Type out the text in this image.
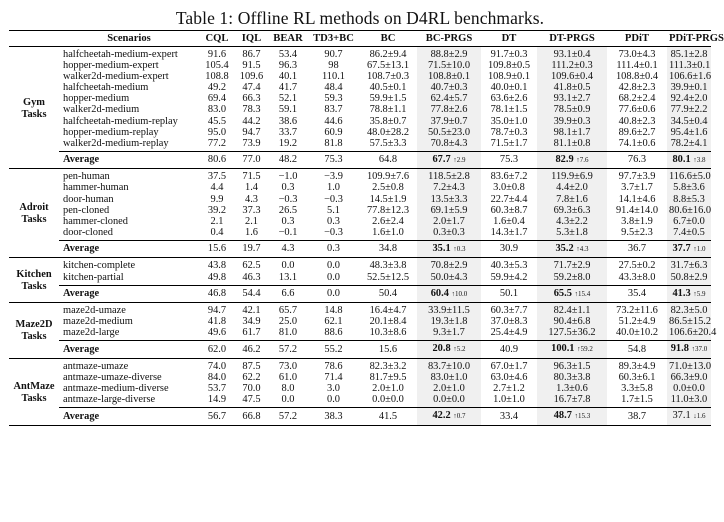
Table 1: Offline RL methods on D4RL benchmarks.
	Scenarios	CQL	IQL	BEAR	TD3+BC	BC	BC-PRGS	DT	DT-PRGS	PDiT	PDiT-PRGS
Gym
Tasks	halfcheetah-medium-expert	91.6	86.7	53.4	90.7	86.2±9.4	88.8±2.9	91.7±0.3	93.1±0.4	73.0±4.3	85.1±2.8
	hopper-medium-expert	105.4	91.5	96.3	98	67.5±13.1	71.5±10.0	109.8±0.5	111.2±0.3	111.4±0.1	111.3±0.1
	walker2d-medium-expert	108.8	109.6	40.1	110.1	108.7±0.3	108.8±0.1	108.9±0.1	109.6±0.4	108.8±0.4	106.6±1.6
	halfcheetah-medium	49.2	47.4	41.7	48.4	40.5±0.1	40.7±0.3	40.0±0.1	41.8±0.5	42.8±2.3	39.9±0.1
	hopper-medium	69.4	66.3	52.1	59.3	59.9±1.5	62.4±5.7	63.6±2.6	93.1±2.7	68.2±2.4	92.4±2.0
	walker2d-medium	83.0	78.3	59.1	83.7	78.8±1.1	77.8±2.6	78.1±1.5	78.5±0.9	77.6±0.6	77.9±2.2
	halfcheetah-medium-replay	45.5	44.2	38.6	44.6	35.8±0.7	37.9±0.7	35.0±1.0	39.9±0.3	40.8±2.3	34.5±0.4
	hopper-medium-replay	95.0	94.7	33.7	60.9	48.0±28.2	50.5±23.0	78.7±0.3	98.1±1.7	89.6±2.7	95.4±1.6
	walker2d-medium-replay	77.2	73.9	19.2	81.8	57.5±3.3	70.8±4.3	71.5±1.7	81.1±0.8	74.1±0.6	78.2±4.1
	Average	80.6	77.0	48.2	75.3	64.8	67.7 ↑2.9	75.3	82.9 ↑7.6	76.3	80.1 ↑3.8
Adroit
Tasks	pen-human	37.5	71.5	−1.0	−3.9	109.9±7.6	118.5±2.8	83.6±7.2	119.9±6.9	97.7±3.9	116.6±5.0
	hammer-human	4.4	1.4	0.3	1.0	2.5±0.8	7.2±4.3	3.0±0.8	4.4±2.0	3.7±1.7	5.8±3.6
	door-human	9.9	4.3	−0.3	−0.3	14.5±1.9	13.5±3.3	22.7±4.4	7.8±1.6	14.1±4.6	8.8±5.3
	pen-cloned	39.2	37.3	26.5	5.1	77.8±12.3	69.1±5.9	60.3±8.7	69.3±6.3	91.4±14.0	80.6±16.0
	hammer-cloned	2.1	2.1	0.3	0.3	2.6±2.4	2.0±1.7	1.6±0.4	4.3±2.2	3.8±1.9	6.7±0.0
	door-cloned	0.4	1.6	−0.1	−0.3	1.6±1.0	0.3±0.3	14.3±1.7	5.3±1.8	9.5±2.3	7.4±0.5
	Average	15.6	19.7	4.3	0.3	34.8	35.1 ↑0.3	30.9	35.2 ↑4.3	36.7	37.7 ↑1.0
Kitchen
Tasks	kitchen-complete	43.8	62.5	0.0	0.0	48.3±3.8	70.8±2.9	40.3±5.3	71.7±2.9	27.5±0.2	31.7±6.3
	kitchen-partial	49.8	46.3	13.1	0.0	52.5±12.5	50.0±4.3	59.9±4.2	59.2±8.0	43.3±8.0	50.8±2.9
	Average	46.8	54.4	6.6	0.0	50.4	60.4 ↑10.0	50.1	65.5 ↑15.4	35.4	41.3 ↑5.9
Maze2D
Tasks	maze2d-umaze	94.7	42.1	65.7	14.8	16.4±4.7	33.9±11.5	60.3±7.7	82.4±1.1	73.2±11.6	82.3±5.0
	maze2d-medium	41.8	34.9	25.0	62.1	20.1±8.4	19.3±1.8	37.0±8.3	90.4±6.8	51.2±4.9	86.5±15.2
	maze2d-large	49.6	61.7	81.0	88.6	10.3±8.6	9.3±1.7	25.4±4.9	127.5±36.2	40.0±10.2	106.6±20.4
	Average	62.0	46.2	57.2	55.2	15.6	20.8 ↑5.2	40.9	100.1 ↑59.2	54.8	91.8 ↑37.0
AntMaze
Tasks	antmaze-umaze	74.0	87.5	73.0	78.6	82.3±3.2	83.7±10.0	67.0±1.7	96.3±1.5	89.3±4.9	71.0±13.0
	antmaze-umaze-diverse	84.0	62.2	61.0	71.4	81.7±9.5	83.0±1.0	63.0±4.6	80.3±3.8	60.3±6.1	66.3±9.0
	antmaze-medium-diverse	53.7	70.0	8.0	3.0	2.0±1.0	2.0±1.0	2.7±1.2	1.3±0.6	3.3±5.8	0.0±0.0
	antmaze-large-diverse	14.9	47.5	0.0	0.0	0.0±0.0	0.0±0.0	1.0±1.0	16.7±7.8	1.7±1.5	11.0±3.0
	Average	56.7	66.8	57.2	38.3	41.5	42.2 ↑0.7	33.4	48.7 ↑15.3	38.7	37.1 ↓1.6
